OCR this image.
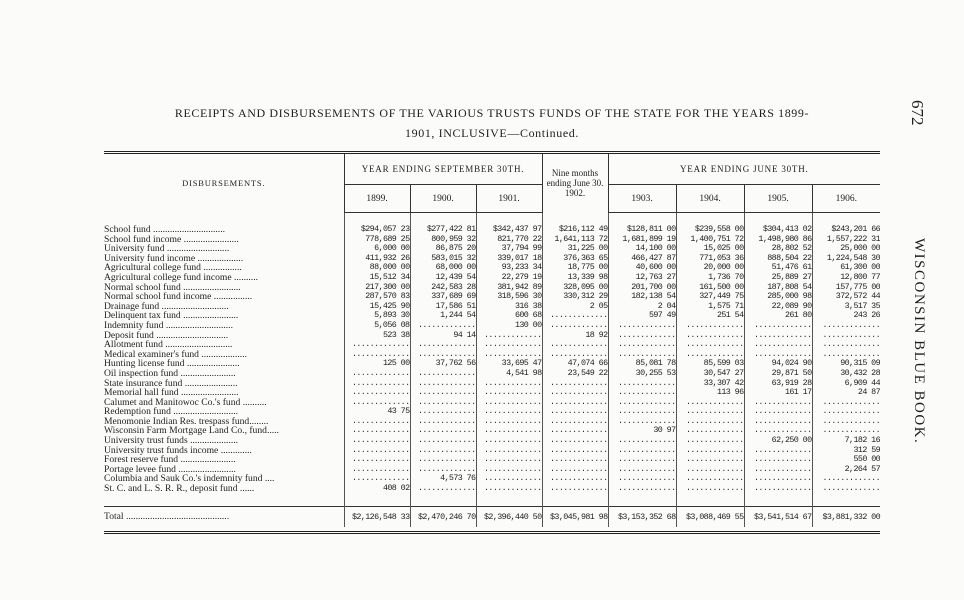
RECEIPTS AND DISBURSEMENTS OF THE VARIOUS TRUSTS FUNDS OF THE STATE FOR THE YEARS 1899-
1901, INCLUSIVE—Continued.
672
WISCONSIN BLUE BOOK.
DISBURSEMENTS.	YEAR ENDING SEPTEMBER 30TH.			Nine months ending June 30. 1902.	YEAR ENDING JUNE 30TH.			
	1899.	1900.	1901.		1903.	1904.	1905.	1906.

School fund ..............................	$294,057 23	$277,422 81	$342,437 97	$216,112 49	$128,811 00	$239,558 00	$304,413 02	$243,201 66
School fund income .......................	778,689 25	800,959 32	821,770 22	1,641,113 72	1,681,899 19	1,400,751 72	1,498,980 86	1,557,222 31
University fund ..........................	6,000 00	86,875 20	37,794 99	31,225 00	14,100 00	15,025 00	28,802 52	25,000 00
University fund income ...................	411,932 26	583,015 32	339,017 18	376,363 65	466,427 87	771,053 36	888,504 22	1,224,548 30
Agricultural college fund ................	88,000 00	68,000 00	93,233 34	18,775 00	40,600 00	20,000 00	51,476 61	61,300 00
Agricultural college fund income ..........	15,512 34	12,439 54	22,279 19	13,339 98	12,763 27	1,736 70	25,889 27	12,800 77
Normal school fund ........................	217,300 00	242,583 28	381,942 89	328,095 00	201,700 00	161,500 00	187,808 54	157,775 00
Normal school fund income ................	287,570 83	337,689 69	318,596 30	330,312 29	182,138 54	327,449 75	285,000 98	372,572 44
Drainage fund ............................	15,425 90	17,586 51	316 38	2 05	2 04	1,575 71	22,089 90	3,517 35
Delinquent tax fund .......................	5,893 30	1,244 54	600 68	.............	597 49	251 54	261 80	243 26
Indemnity fund ............................	5,056 08	.............	130 00	.............	.............	.............	.............	.............
Deposit fund ..............................	523 38	94 14	.............	18 92	.............	.............	.............	.............
Allotment fund ............................	.............	.............	.............	.............	.............	.............	.............	.............
Medical examiner's fund ...................	.............	.............	.............	.............	.............	.............	.............	.............
Hunting license fund ......................	125 00	37,762 56	33,695 47	47,074 66	85,081 78	85,599 03	94,024 90	90,315 09
Oil inspection fund .......................	.............	.............	4,541 98	23,549 22	30,255 53	30,547 27	29,871 50	30,432 28
State insurance fund ......................	.............	.............	.............	.............	.............	33,307 42	63,919 28	6,909 44
Memorial hall fund ........................	.............	.............	.............	.............	.............	113 96	161 17	24 87
Calumet and Manitowoc Co.'s fund ..........	.............	.............	.............	.............	.............	.............	.............	.............
Redemption fund ...........................	43 75	.............	.............	.............	.............	.............	.............	.............
Menomonie Indian Res. trespass fund........	.............	.............	.............	.............	.............	.............	.............	.............
Wisconsin Farm Mortgage Land Co., fund.....	.............	.............	.............	.............	30 97	.............	.............	.............
University trust funds ....................	.............	.............	.............	.............	.............	.............	62,250 00	7,182 16
University trust funds income .............	.............	.............	.............	.............	.............	.............	.............	312 59
Forest reserve fund .......................	.............	.............	.............	.............	.............	.............	.............	550 00
Portage levee fund ........................	.............	.............	.............	.............	.............	.............	.............	2,264 57
Columbia and Sauk Co.'s indemnity fund ....	.............	4,573 76	.............	.............	.............	.............	.............	.............
St. C. and L. S. R. R., deposit fund ......	408 02	.............	.............	.............	.............	.............	.............	.............

Total ...........................................	$2,126,548 33	$2,470,246 70	$2,396,440 50	$3,045,981 98	$3,153,352 68	$3,088,469 55	$3,541,514 67	$3,881,332 00
